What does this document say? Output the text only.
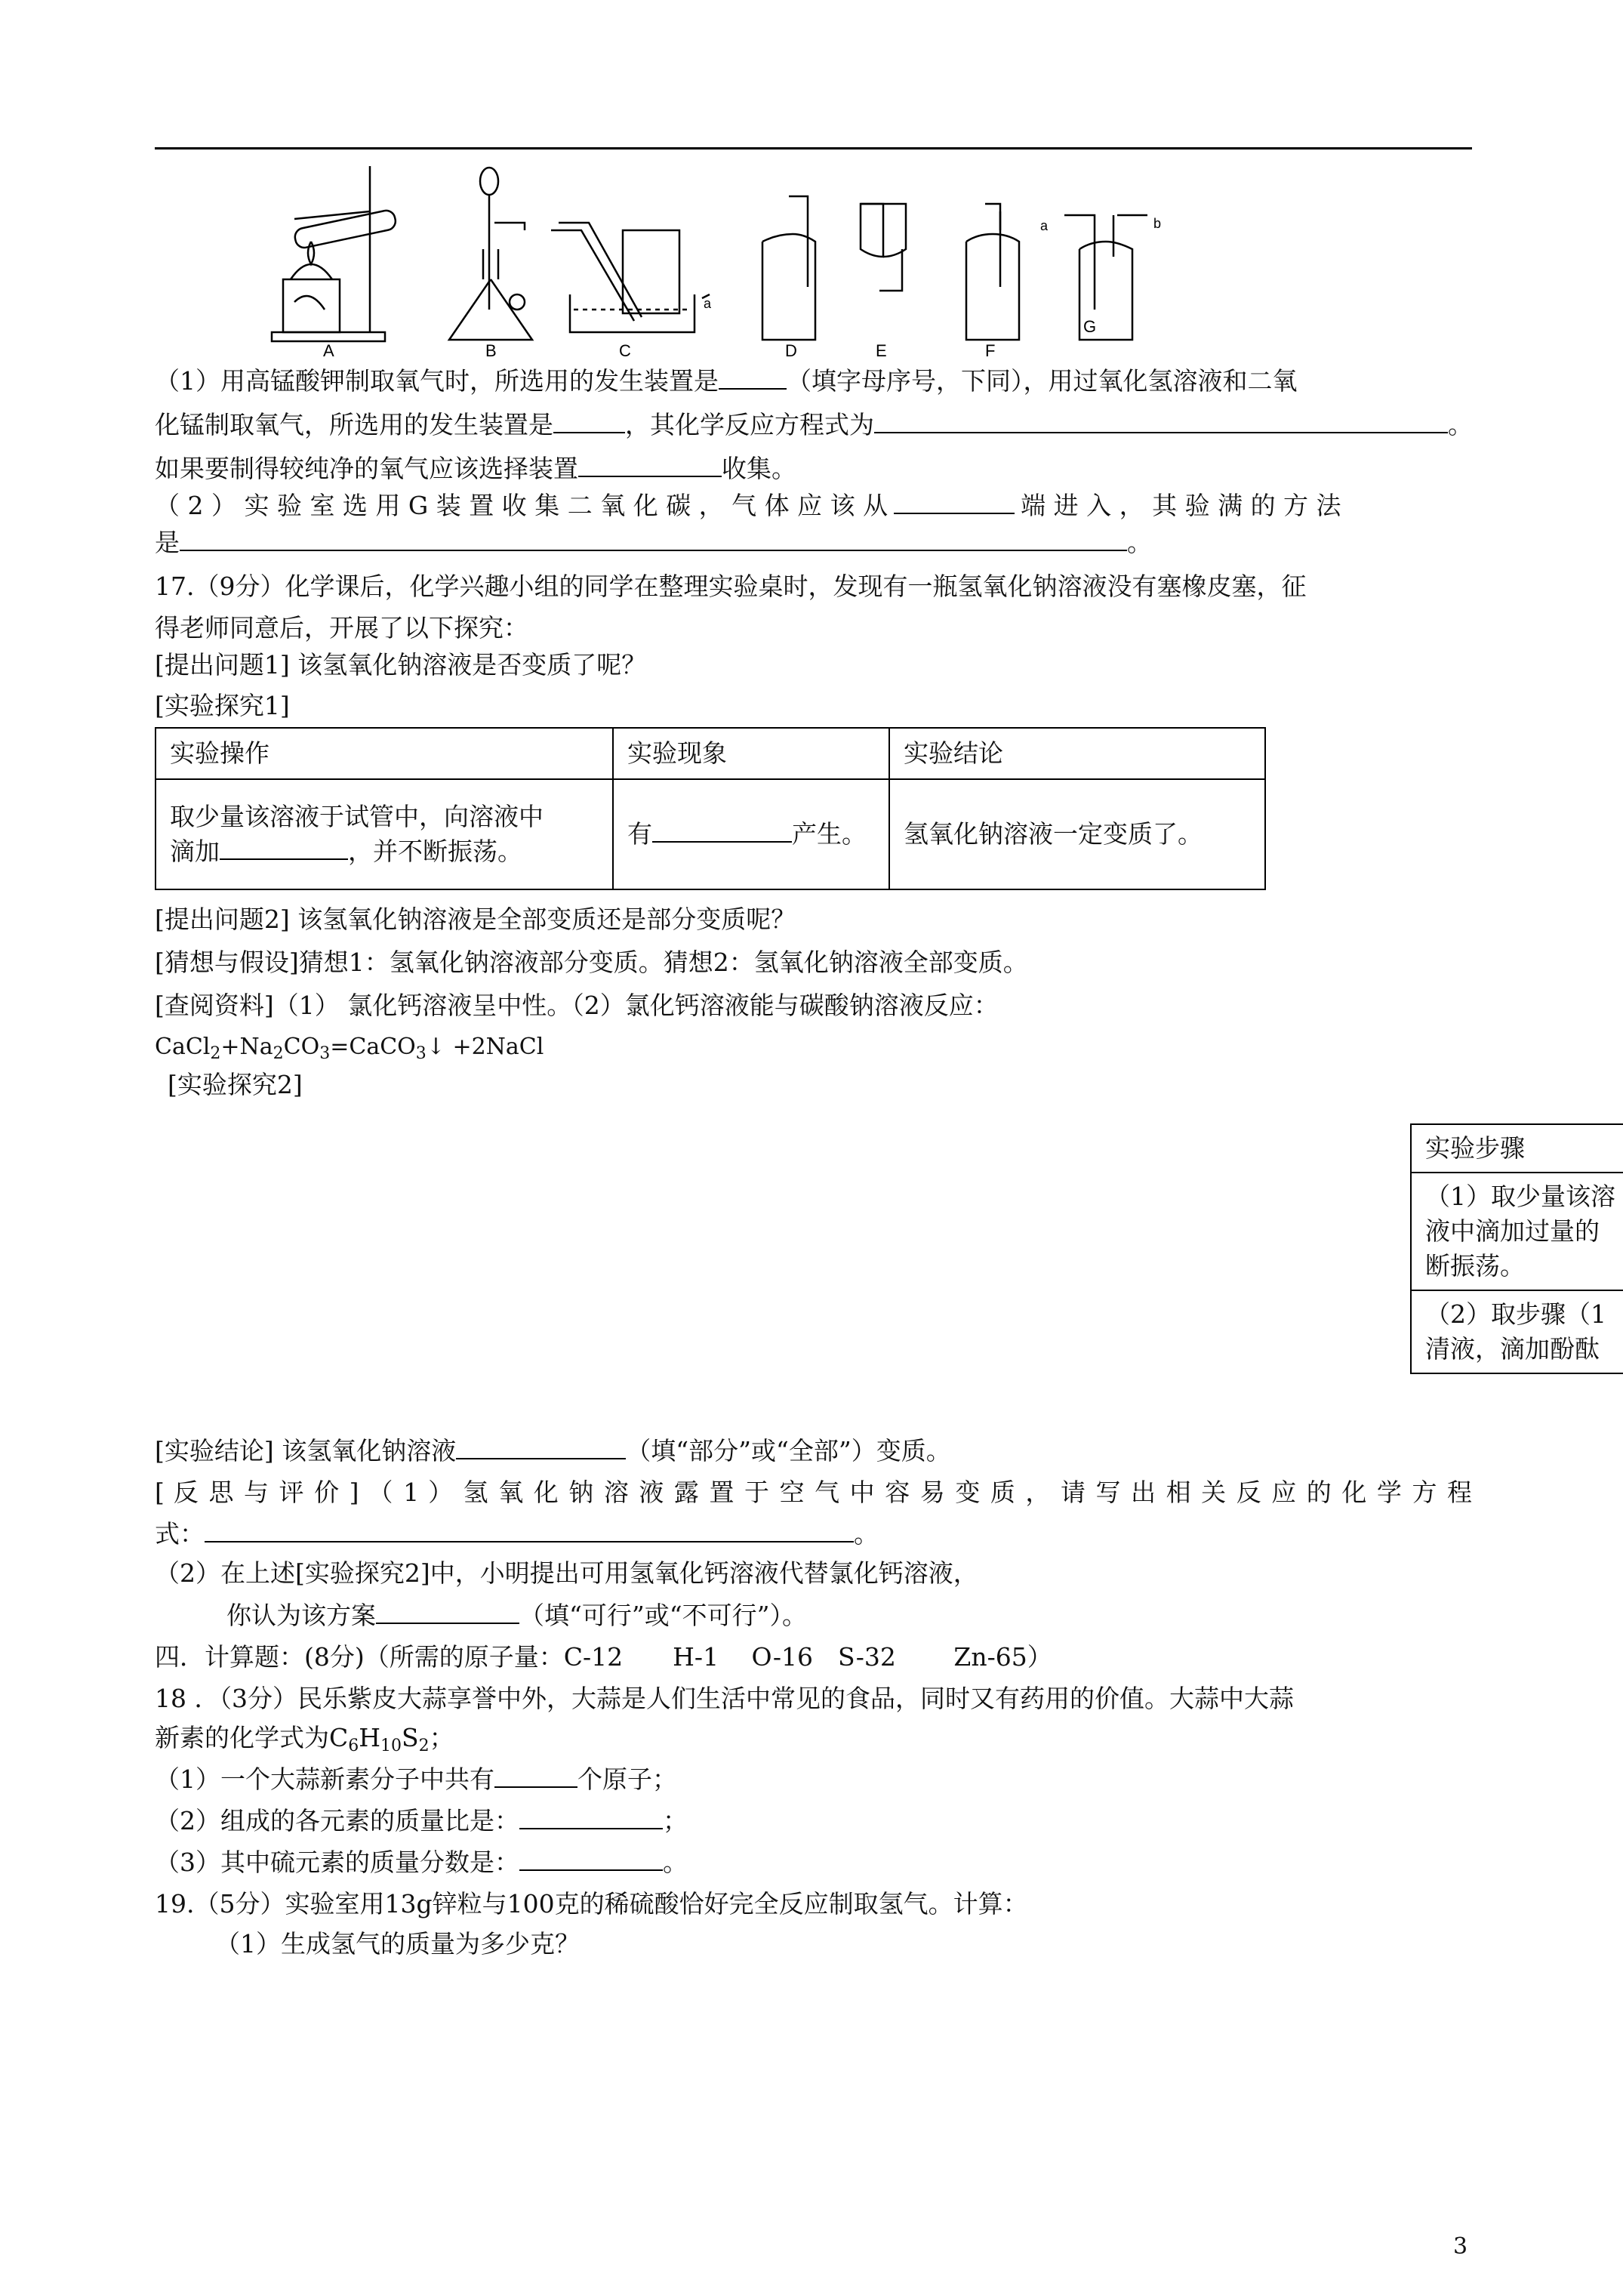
A	B	C	D	E	F
G
a
a	b
（1）用高锰酸钾制取氧气时，所选用的发生装置是	（填字母序号，下同），用过氧化氢溶液和二氧
化锰制取氧气，所选用的发生装置是	，其化学反应方程式为	。
如果要制得较纯净的氧气应该选择装置	收集。
（ 2 ） 实 验 室 选 用 G 装 置 收 集 二 氧 化 碳 ， 气 体 应 该 从	端 进 入 ， 其 验 满 的 方 法
是	。
17.（9分）化学课后，化学兴趣小组的同学在整理实验桌时，发现有一瓶氢氧化钠溶液没有塞橡皮塞，征
得老师同意后，开展了以下探究：
[提出问题1] 该氢氧化钠溶液是否变质了呢？
[实验探究1]
实验操作	实验现象	实验结论

取少量该溶液于试管中，向溶液中
滴加 ，并不断振荡。	有 产生。	氢氧化钠溶液一定变质了。
[提出问题2] 该氢氧化钠溶液是全部变质还是部分变质呢？
[猜想与假设]猜想1：氢氧化钠溶液部分变质。猜想2：氢氧化钠溶液全部变质。
[查阅资料]（1） 氯化钙溶液呈中性。（2）氯化钙溶液能与碳酸钠溶液反应：
$CaCl_2+Na_2CO_3=CaCO_3↓$ +2NaCl
[实验探究2]
实验步骤

（1）取少量该溶
液中滴加过量的
断振荡。

（2）取步骤（1
清液，滴加酚酞
[实验结论] 该氢氧化钠溶液	（填“部分”或“全部”）变质。
[ 反 思 与 评 价 ] （ 1 ） 氢 氧 化 钠 溶 液 露 置 于 空 气 中 容 易 变 质 ， 请 写 出 相 关 反 应 的 化 学 方 程
式：	。
（2）在上述[实验探究2]中，小明提出可用氢氧化钙溶液代替氯化钙溶液，
你认为该方案	（填“可行”或“不可行”）。
四．计算题：(8分)（所需的原子量：C-12　　H-1　 O-16　S-32　　 Zn-65）
18 ．（3分）民乐紫皮大蒜享誉中外，大蒜是人们生活中常见的食品，同时又有药用的价值。大蒜中大蒜
新素的化学式为$C_6H_{10}S_2$；
（1）一个大蒜新素分子中共有	个原子；
（2）组成的各元素的质量比是：	；
（3）其中硫元素的质量分数是：	。
19.（5分）实验室用13g锌粒与100克的稀硫酸恰好完全反应制取氢气。计算：
（1）生成氢气的质量为多少克？
3
